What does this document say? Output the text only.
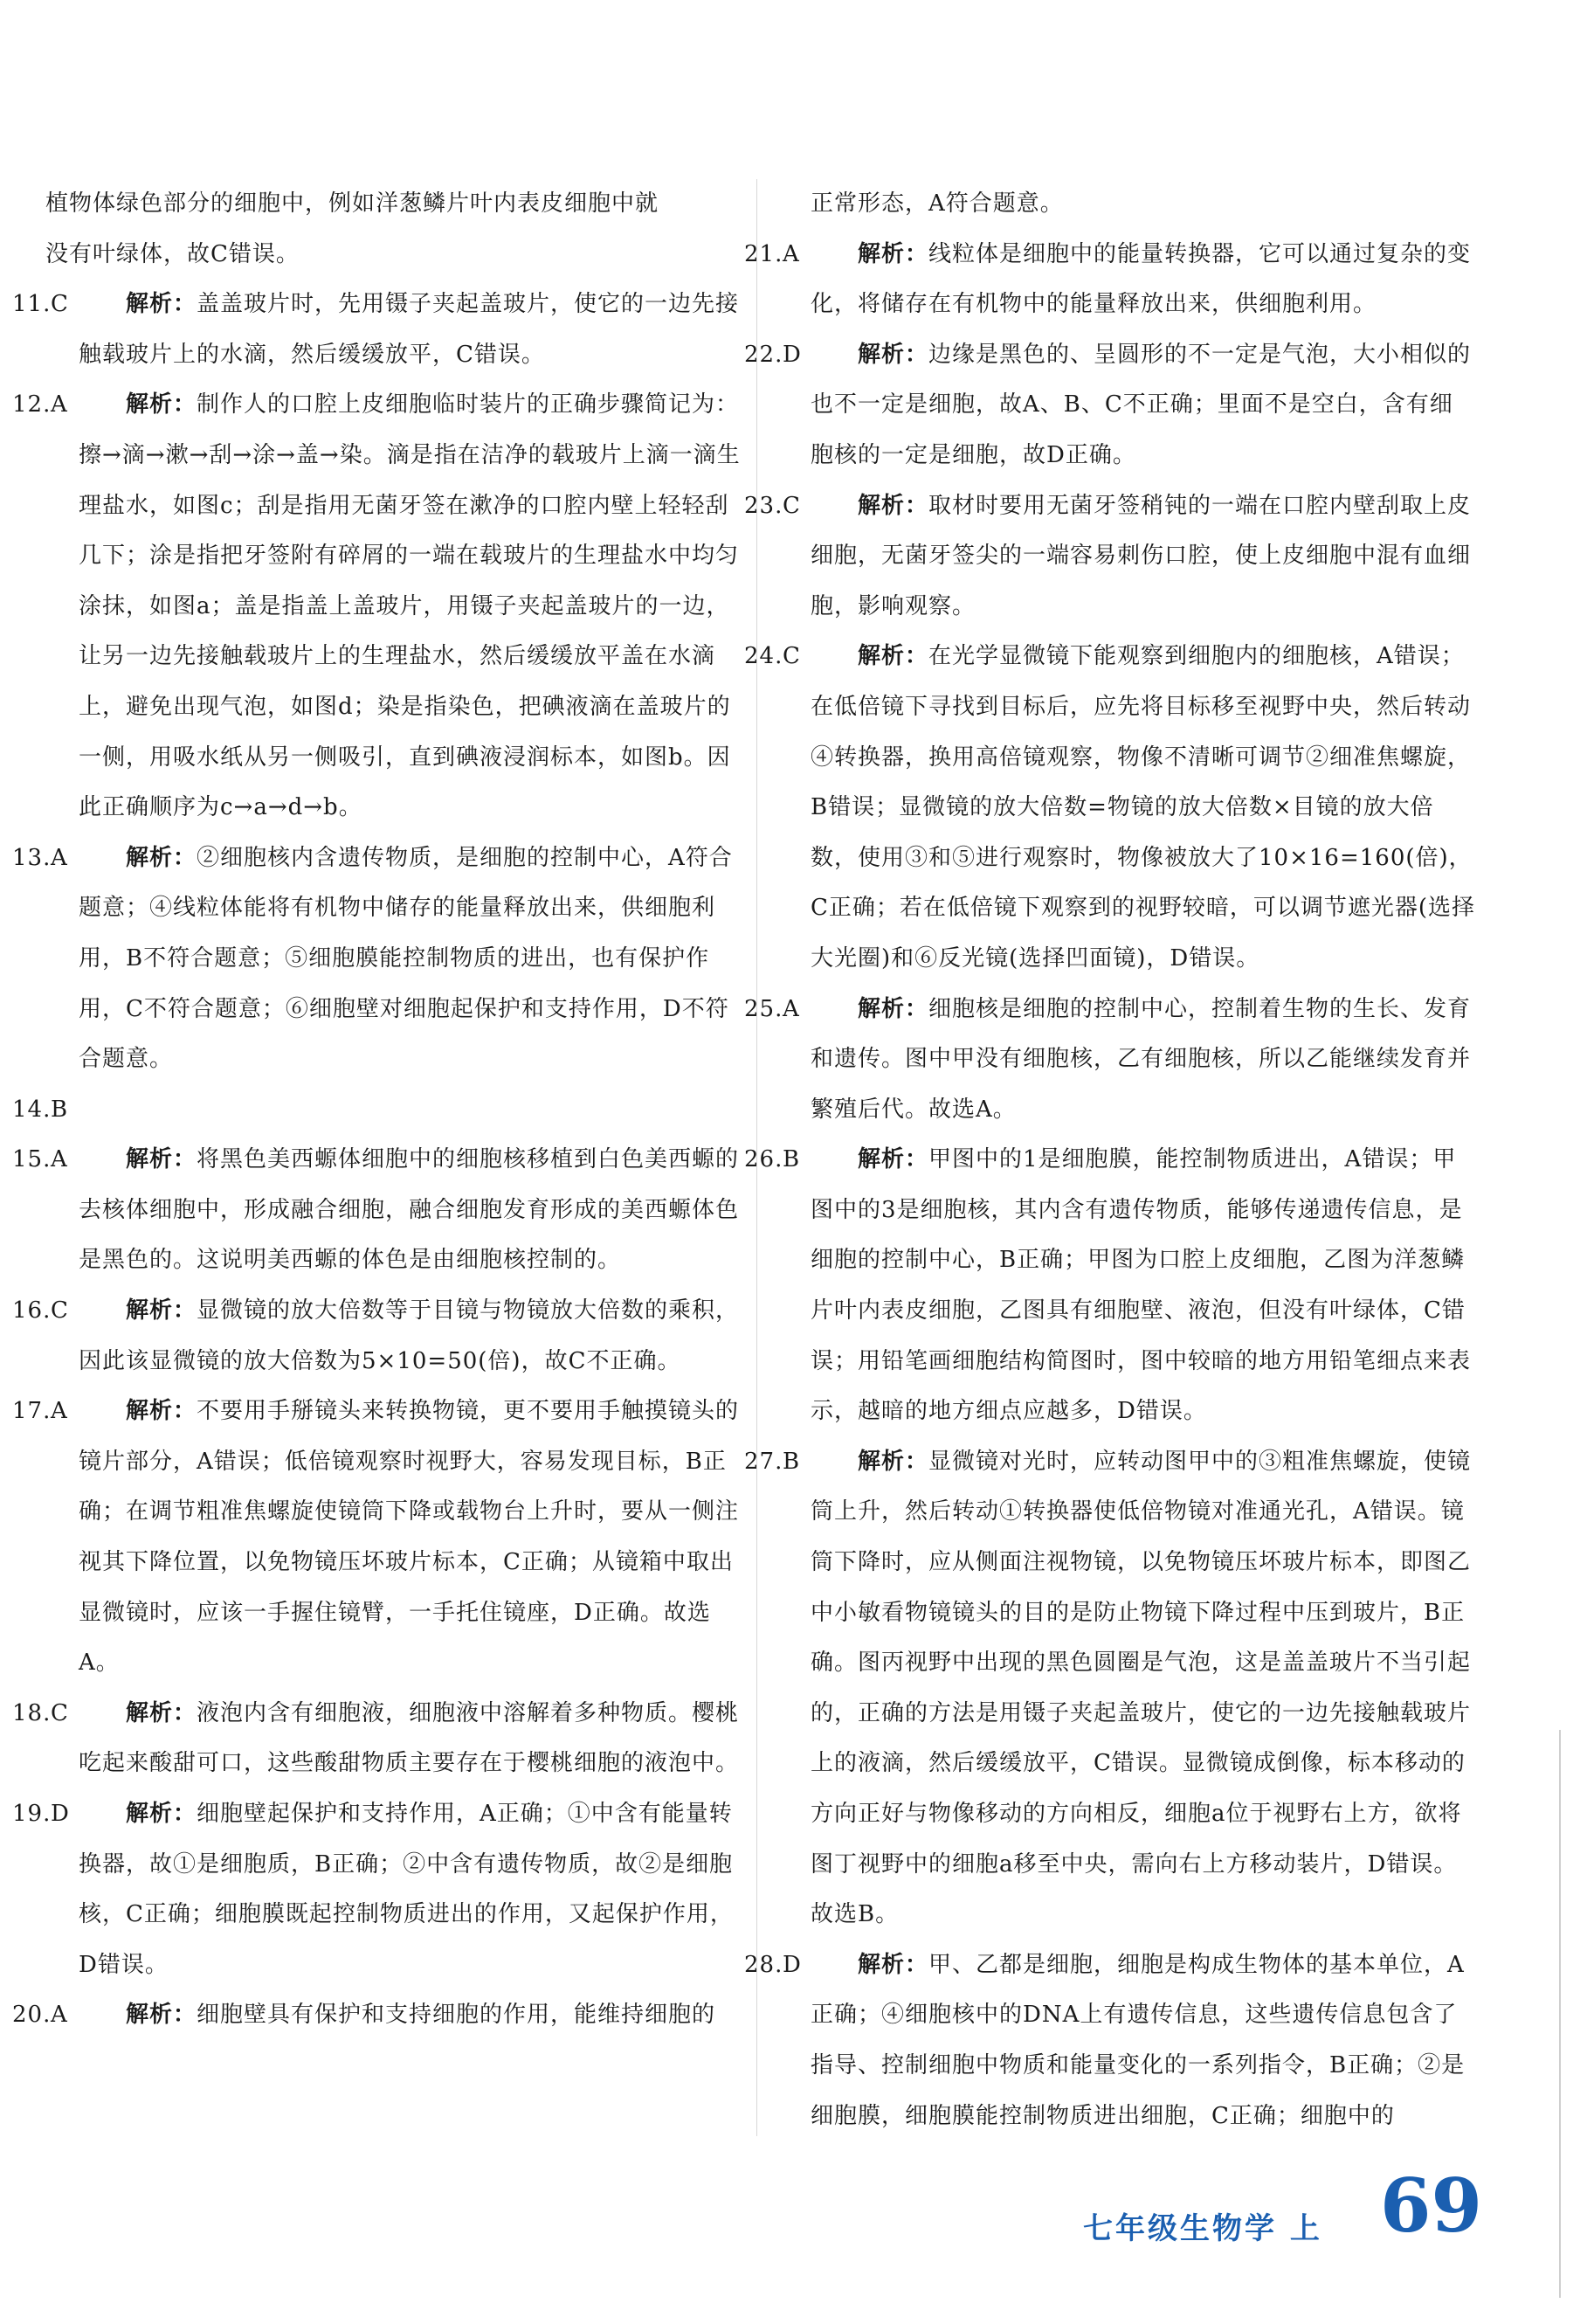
植物体绿色部分的细胞中，例如洋葱鳞片叶内表皮细胞中就

没有叶绿体，故C错误。

11.C	解析：盖盖玻片时，先用镊子夹起盖玻片，使它的一边先接触载玻片上的水滴，然后缓缓放平，C错误。
12.A	解析：制作人的口腔上皮细胞临时装片的正确步骤简记为：擦→滴→漱→刮→涂→盖→染。滴是指在洁净的载玻片上滴一滴生理盐水，如图c；刮是指用无菌牙签在漱净的口腔内壁上轻轻刮几下；涂是指把牙签附有碎屑的一端在载玻片的生理盐水中均匀涂抹，如图a；盖是指盖上盖玻片，用镊子夹起盖玻片的一边，让另一边先接触载玻片上的生理盐水，然后缓缓放平盖在水滴上，避免出现气泡，如图d；染是指染色，把碘液滴在盖玻片的一侧，用吸水纸从另一侧吸引，直到碘液浸润标本，如图b。因此正确顺序为c→a→d→b。
13.A	解析：②细胞核内含遗传物质，是细胞的控制中心，A符合题意；④线粒体能将有机物中储存的能量释放出来，供细胞利用，B不符合题意；⑤细胞膜能控制物质的进出，也有保护作用，C不符合题意；⑥细胞壁对细胞起保护和支持作用，D不符合题意。
14.B
15.A	解析：将黑色美西螈体细胞中的细胞核移植到白色美西螈的去核体细胞中，形成融合细胞，融合细胞发育形成的美西螈体色是黑色的。这说明美西螈的体色是由细胞核控制的。
16.C	解析：显微镜的放大倍数等于目镜与物镜放大倍数的乘积，因此该显微镜的放大倍数为5×10=50(倍)，故C不正确。
17.A	解析：不要用手掰镜头来转换物镜，更不要用手触摸镜头的镜片部分，A错误；低倍镜观察时视野大，容易发现目标，B正确；在调节粗准焦螺旋使镜筒下降或载物台上升时，要从一侧注视其下降位置，以免物镜压坏玻片标本，C正确；从镜箱中取出显微镜时，应该一手握住镜臂，一手托住镜座，D正确。故选A。
18.C	解析：液泡内含有细胞液，细胞液中溶解着多种物质。樱桃吃起来酸甜可口，这些酸甜物质主要存在于樱桃细胞的液泡中。
19.D 解析：细胞壁起保护和支持作用，A正确；①中含有能量转换器，故①是细胞质，B正确；②中含有遗传物质，故②是细胞核，C正确；细胞膜既起控制物质进出的作用，又起保护作用，D错误。
20.A	解析：细胞壁具有保护和支持细胞的作用，能维持细胞的

正常形态，A符合题意。

21.A	解析：线粒体是细胞中的能量转换器，它可以通过复杂的变化，将储存在有机物中的能量释放出来，供细胞利用。
22.D 解析：边缘是黑色的、呈圆形的不一定是气泡，大小相似的也不一定是细胞，故A、B、C不正确；里面不是空白，含有细胞核的一定是细胞，故D正确。
23.C	解析：取材时要用无菌牙签稍钝的一端在口腔内壁刮取上皮细胞，无菌牙签尖的一端容易刺伤口腔，使上皮细胞中混有血细胞，影响观察。
24.C	解析：在光学显微镜下能观察到细胞内的细胞核，A错误；在低倍镜下寻找到目标后，应先将目标移至视野中央，然后转动④转换器，换用高倍镜观察，物像不清晰可调节②细准焦螺旋，B错误；显微镜的放大倍数=物镜的放大倍数×目镜的放大倍数，使用③和⑤进行观察时，物像被放大了10×16=160(倍)，C正确；若在低倍镜下观察到的视野较暗，可以调节遮光器(选择大光圈)和⑥反光镜(选择凹面镜)，D错误。
25.A	解析：细胞核是细胞的控制中心，控制着生物的生长、发育和遗传。图中甲没有细胞核，乙有细胞核，所以乙能继续发育并繁殖后代。故选A。
26.B	解析：甲图中的1是细胞膜，能控制物质进出，A错误；甲图中的3是细胞核，其内含有遗传物质，能够传递遗传信息，是细胞的控制中心，B正确；甲图为口腔上皮细胞，乙图为洋葱鳞片叶内表皮细胞，乙图具有细胞壁、液泡，但没有叶绿体，C错误；用铅笔画细胞结构简图时，图中较暗的地方用铅笔细点来表示，越暗的地方细点应越多，D错误。
27.B	解析：显微镜对光时，应转动图甲中的③粗准焦螺旋，使镜筒上升，然后转动①转换器使低倍物镜对准通光孔，A错误。镜筒下降时，应从侧面注视物镜，以免物镜压坏玻片标本，即图乙中小敏看物镜镜头的目的是防止物镜下降过程中压到玻片，B正确。图丙视野中出现的黑色圆圈是气泡，这是盖盖玻片不当引起的，正确的方法是用镊子夹起盖玻片，使它的一边先接触载玻片上的液滴，然后缓缓放平，C错误。显微镜成倒像，标本移动的方向正好与物像移动的方向相反，细胞a位于视野右上方，欲将图丁视野中的细胞a移至中央，需向右上方移动装片，D错误。故选B。
28.D 解析：甲、乙都是细胞，细胞是构成生物体的基本单位，A正确；④细胞核中的DNA上有遗传信息，这些遗传信息包含了指导、控制细胞中物质和能量变化的一系列指令，B正确；②是细胞膜，细胞膜能控制物质进出细胞，C正确；细胞中的
七年级生物学 上 69
